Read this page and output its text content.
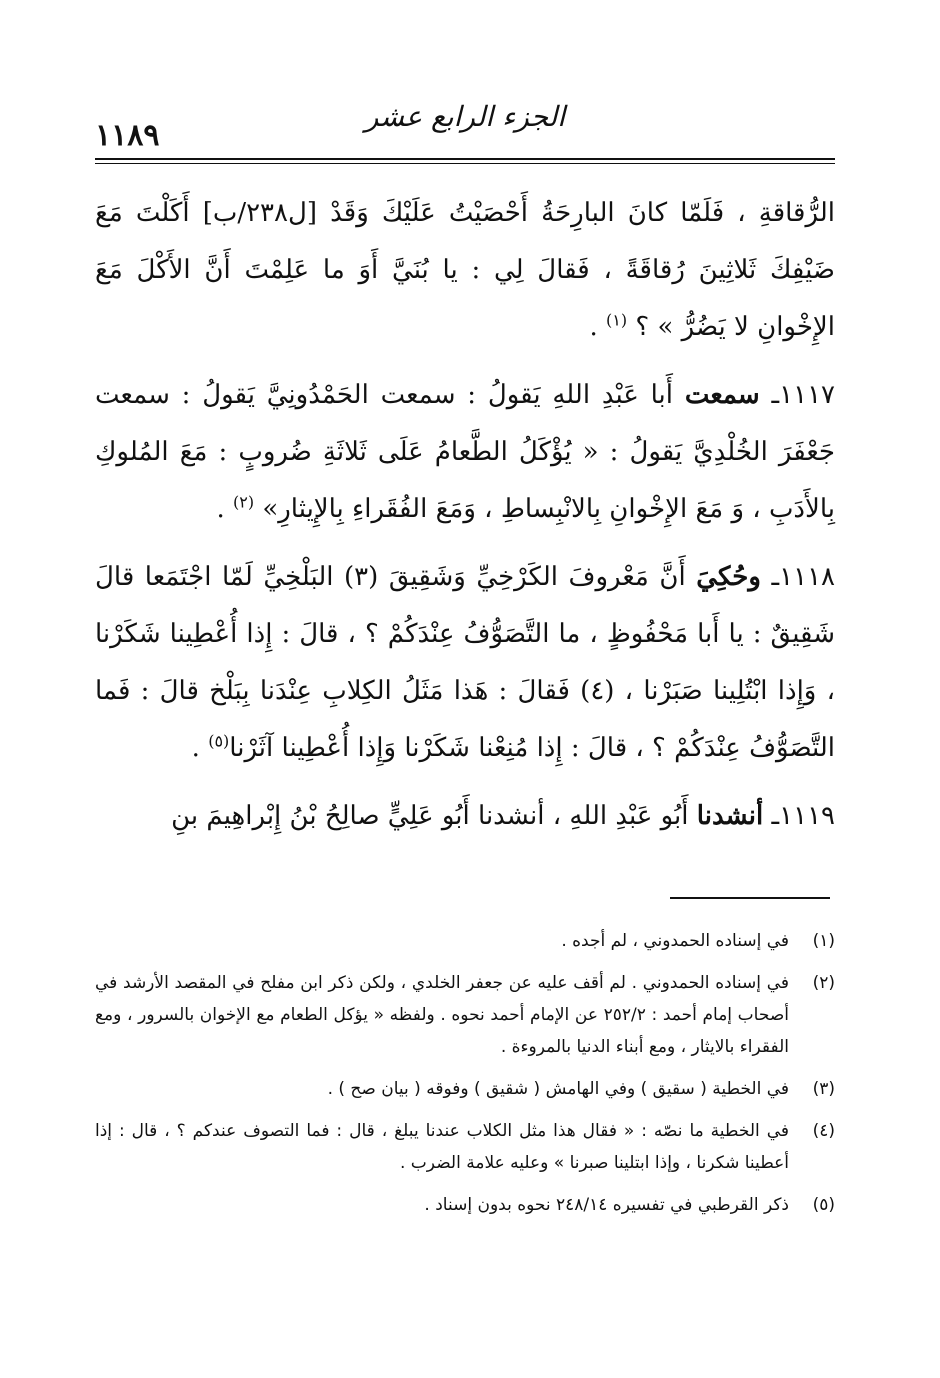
١١٨٩
الجزء الرابع عشر

الرُّقاقةِ ، فَلَمّا كانَ البارِحَةُ أَحْصَيْتُ عَلَيْكَ وَقَدْ [ل٢٣٨/ب] أَكَلْتَ مَعَ ضَيْفِكَ ثَلاثِينَ رُقاقَةً ، فَقالَ لِي : يا بُنَيَّ أَوَ ما عَلِمْتَ أَنَّ الأَكْلَ مَعَ الإِخْوانِ لا يَضُرُّ » ؟ $^{(١)}$ .

١١١٧ـ سمعت أَبا عَبْدِ اللهِ يَقولُ : سمعت الحَمْدُونِيَّ يَقولُ : سمعت جَعْفَرَ الخُلْدِيَّ يَقولُ : « يُؤْكَلُ الطَّعامُ عَلَى ثَلاثَةِ ضُروبٍ : مَعَ المُلوكِ بِالأَدَبِ ، وَ مَعَ الإِخْوانِ بِالانْبِساطِ ، وَمَعَ الفُقَراءِ بِالإِيثارِ» $^{(٢)}$ .

١١١٨ـ وحُكِيَ أَنَّ مَعْروفَ الكَرْخِيِّ وَشَقِيقَ (٣) البَلْخِيِّ لَمّا اجْتَمَعا قالَ شَقِيقٌ : يا أَبا مَحْفُوظٍ ، ما التَّصَوُّفُ عِنْدَكُمْ ؟ ، قالَ : إِذا أُعْطِينا شَكَرْنا ، وَإِذا ابْتُلِينا صَبَرْنا ، (٤) فَقالَ : هَذا مَثَلُ الكِلابِ عِنْدَنا بِبَلْخ قالَ : فَما التَّصَوُّفُ عِنْدَكُمْ ؟ ، قالَ : إِذا مُنِعْنا شَكَرْنا وَإِذا أُعْطِينا آثَرْنا$^{(٥)}$ .

١١١٩ـ أنشدنا أَبُو عَبْدِ اللهِ ، أنشدنا أَبُو عَلِيٍّ صالِحُ بْنُ إِبْراهِيمَ بنِ

(١)
في إسناده الحمدوني ، لم أجده .
(٢)
في إسناده الحمدوني . لم أقف عليه عن جعفر الخلدي ، ولكن ذكر ابن مفلح في المقصد الأرشد في أصحاب إمام أحمد : ٢٥٢/٢ عن الإمام أحمد نحوه . ولفظه « يؤكل الطعام مع الإخوان بالسرور ، ومع الفقراء بالايثار ، ومع أبناء الدنيا بالمروءة .
(٣)
في الخطية ( سقيق ) وفي الهامش ( شقيق ) وفوقه ( بيان صح ) .
(٤)
في الخطية ما نصّه : « فقال هذا مثل الكلاب عندنا يبلغ ، قال : فما التصوف عندكم ؟ ، قال : إذا أعطينا شكرنا ، وإذا ابتلينا صبرنا » وعليه علامة الضرب .
(٥)
ذكر القرطبي في تفسيره ٢٤٨/١٤ نحوه بدون إسناد .
